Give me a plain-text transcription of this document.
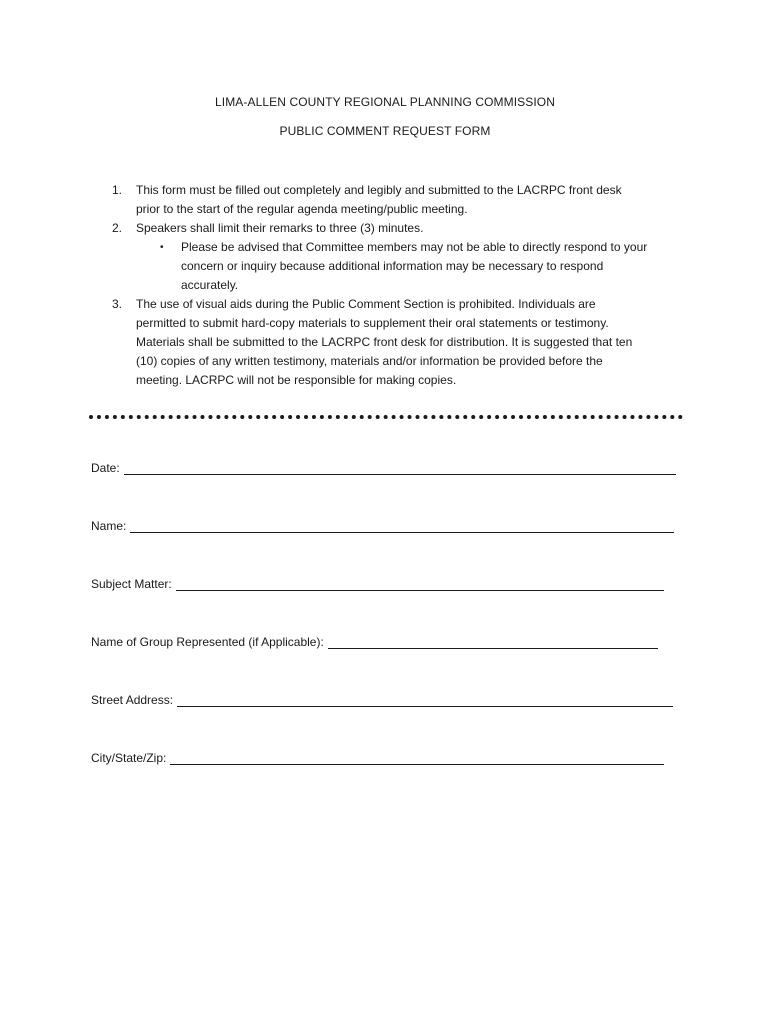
LIMA-ALLEN COUNTY REGIONAL PLANNING COMMISSION
PUBLIC COMMENT REQUEST FORM
1. This form must be filled out completely and legibly and submitted to the LACRPC front desk
prior to the start of the regular agenda meeting/public meeting.
2. Speakers shall limit their remarks to three (3) minutes.
• Please be advised that Committee members may not be able to directly respond to your
concern or inquiry because additional information may be necessary to respond
accurately.
3. The use of visual aids during the Public Comment Section is prohibited. Individuals are
permitted to submit hard-copy materials to supplement their oral statements or testimony.
Materials shall be submitted to the LACRPC front desk for distribution. It is suggested that ten
(10) copies of any written testimony, materials and/or information be provided before the
meeting. LACRPC will not be responsible for making copies.
Date:
Name:
Subject Matter:
Name of Group Represented (if Applicable):
Street Address:
City/State/Zip:
